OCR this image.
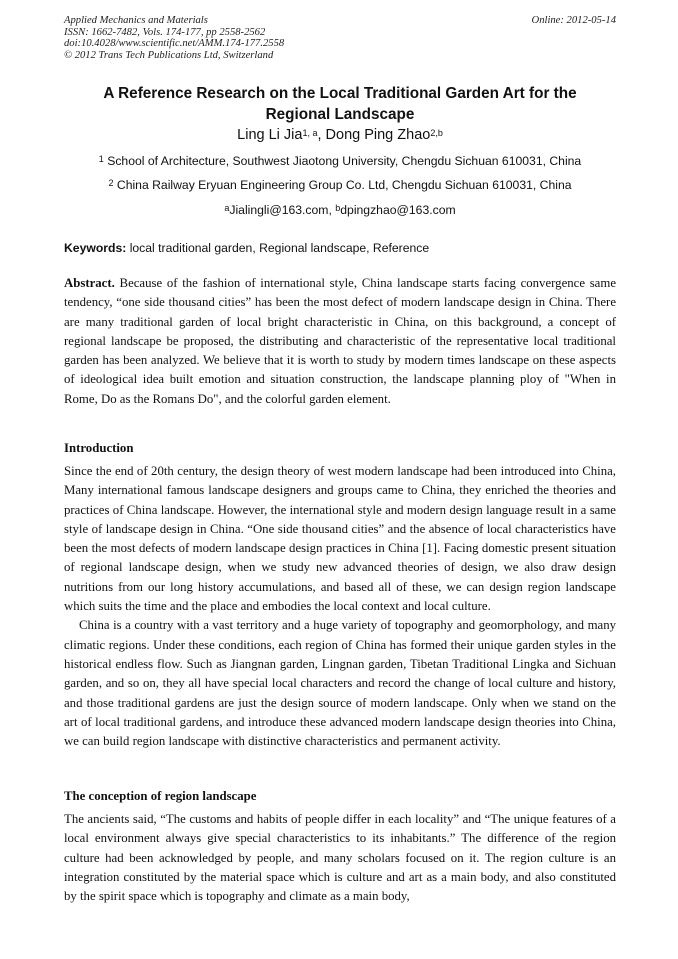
Applied Mechanics and Materials
ISSN: 1662-7482, Vols. 174-177, pp 2558-2562
doi:10.4028/www.scientific.net/AMM.174-177.2558
© 2012 Trans Tech Publications Ltd, Switzerland
Online: 2012-05-14
A Reference Research on the Local Traditional Garden Art for the
Regional Landscape
Ling Li Jia$^{1, a}$, Dong Ping Zhao$^{2,b}$
$^1$ School of Architecture, Southwest Jiaotong University, Chengdu Sichuan 610031, China
$^2$ China Railway Eryuan Engineering Group Co. Ltd, Chengdu Sichuan 610031, China
$^a$Jialingli@163.com, $^b$dpingzhao@163.com
Keywords: local traditional garden, Regional landscape, Reference

Abstract. Because of the fashion of international style, China landscape starts facing convergence same tendency, “one side thousand cities” has been the most defect of modern landscape design in China. There are many traditional garden of local bright characteristic in China, on this background, a concept of regional landscape be proposed, the distributing and characteristic of the representative local traditional garden has been analyzed. We believe that it is worth to study by modern times landscape on these aspects of ideological idea built emotion and situation construction, the landscape planning ploy of "When in Rome, Do as the Romans Do", and the colorful garden element.

Introduction

Since the end of 20th century, the design theory of west modern landscape had been introduced into China, Many international famous landscape designers and groups came to China, they enriched the theories and practices of China landscape. However, the international style and modern design language result in a same style of landscape design in China. “One side thousand cities” and the absence of local characteristics have been the most defects of modern landscape design practices in China [1]. Facing domestic present situation of regional landscape design, when we study new advanced theories of design, we also draw design nutritions from our long history accumulations, and based all of these, we can design region landscape which suits the time and the place and embodies the local context and local culture.

China is a country with a vast territory and a huge variety of topography and geomorphology, and many climatic regions. Under these conditions, each region of China has formed their unique garden styles in the historical endless flow. Such as Jiangnan garden, Lingnan garden, Tibetan Traditional Lingka and Sichuan garden, and so on, they all have special local characters and record the change of local culture and history, and those traditional gardens are just the design source of modern landscape. Only when we stand on the art of local traditional gardens, and introduce these advanced modern landscape design theories into China, we can build region landscape with distinctive characteristics and permanent activity.

The conception of region landscape

The ancients said, “The customs and habits of people differ in each locality” and “The unique features of a local environment always give special characteristics to its inhabitants.” The difference of the region culture had been acknowledged by people, and many scholars focused on it. The region culture is an integration constituted by the material space which is culture and art as a main body, and also constituted by the spirit space which is topography and climate as a main body,
